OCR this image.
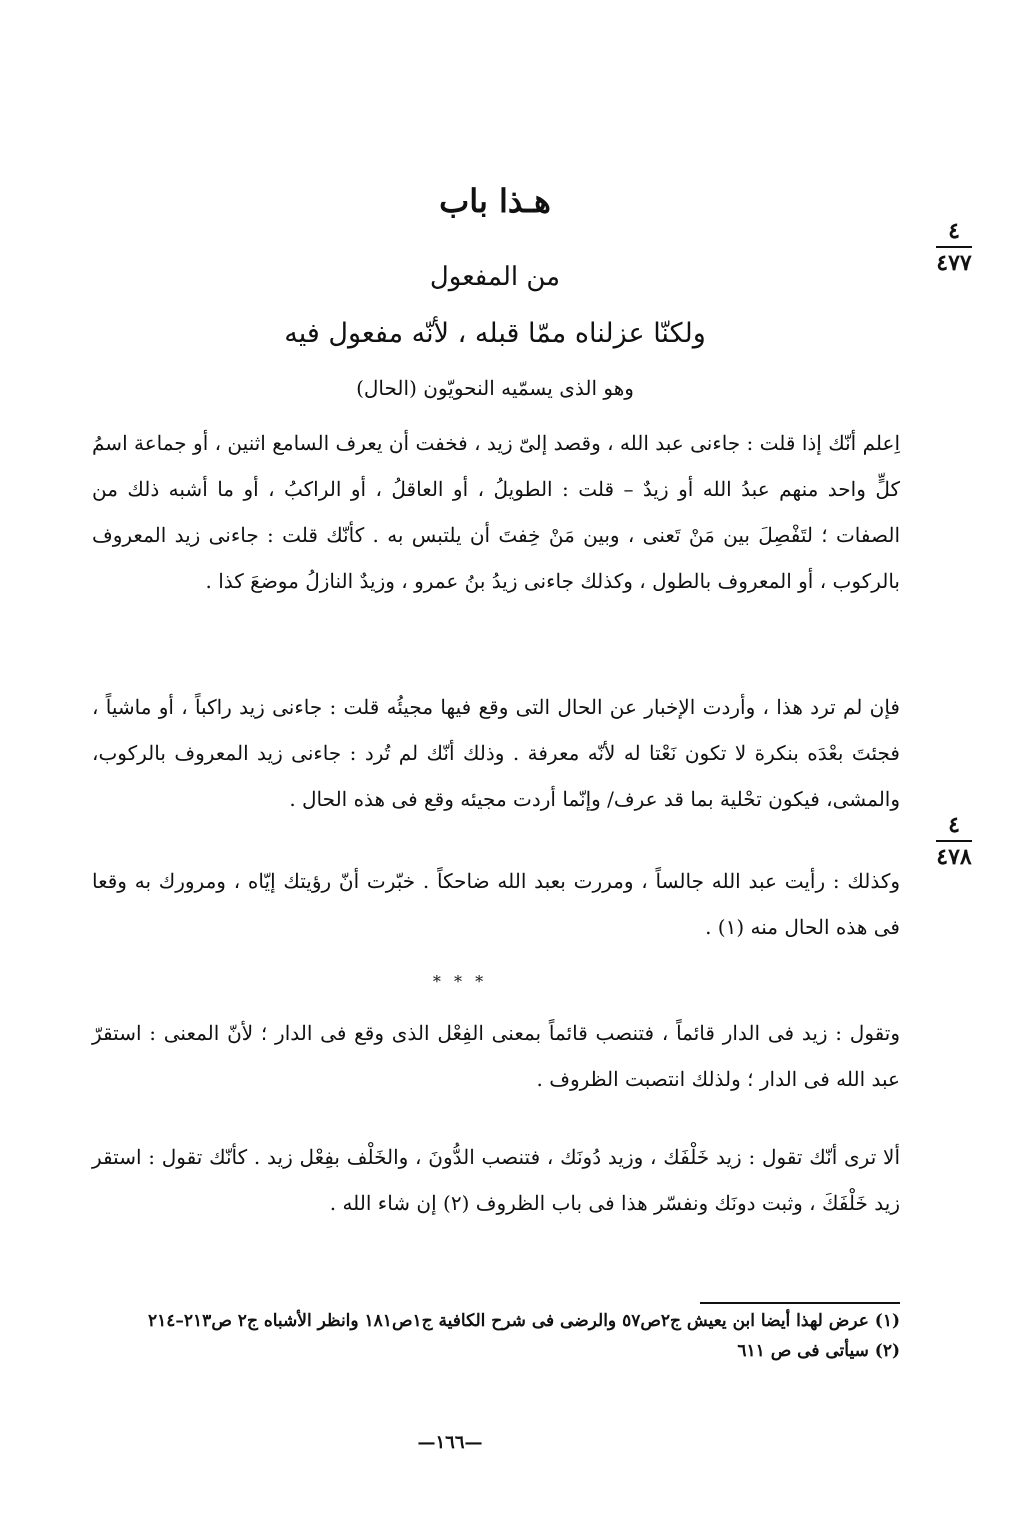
هـذا باب
من المفعول
ولكنّا عزلناه ممّا قبله ، لأنّه مفعول فيه
وهو الذى يسمّيه النحويّون (الحال)
٤
٤٧٧
٤
٤٧٨

اِعلم أنّك إذا قلت : جاءنى عبد الله ، وقصد إلىّ زيد ، فخفت أن يعرف السامع اثنين ، أو جماعة اسمُ كلٍّ واحد منهم عبدُ الله أو زيدٌ – قلت : الطويلُ ، أو العاقلُ ، أو الراكبُ ، أو ما أشبه ذلك من الصفات ؛ لتَفْصِلَ بين مَنْ تَعنى ، وبين مَنْ خِفتَ أن يلتبس به . كأنّك قلت : جاءنى زيد المعروف بالركوب ، أو المعروف بالطول ، وكذلك جاءنى زيدُ بنُ عمرو ، وزيدٌ النازلُ موضعَ كذا .

فإن لم ترد هذا ، وأردت الإخبار عن الحال التى وقع فيها مجيئُه قلت : جاءنى زيد راكباً ، أو ماشياً ، فجئتَ بعْدَه بنكرة لا تكون نَعْتا له لأنّه معرفة . وذلك أنّك لم تُرد : جاءنى زيد المعروف بالركوب، والمشى، فيكون تحْلية بما قد عرف/ وإنّما أردت مجيئه وقع فى هذه الحال .

وكذلك : رأيت عبد الله جالساً ، ومررت بعبد الله ضاحكاً . خبّرت أنّ رؤيتك إيّاه ، ومرورك به وقعا فى هذه الحال منه (١) .

* * *

وتقول : زيد فى الدار قائماً ، فتنصب قائماً بمعنى الفِعْل الذى وقع فى الدار ؛ لأنّ المعنى : استقرّ عبد الله فى الدار ؛ ولذلك انتصبت الظروف .

ألا ترى أنّك تقول : زيد خَلْفَك ، وزيد دُونَك ، فتنصب الدُّونَ ، والخَلْف بفِعْل زيد . كأنّك تقول : استقر زيد خَلْفَكَ ، وثبت دونَك ونفسّر هذا فى باب الظروف (٢) إن شاء الله .

(١) عرض لهذا أيضا ابن يعيش ج٢ص٥٧ والرضى فى شرح الكافية ج١ص١٨١ وانظر الأشباه ج٢ ص٢١٣–٢١٤

(٢) سيأتى فى ص ٦١١

—١٦٦—
